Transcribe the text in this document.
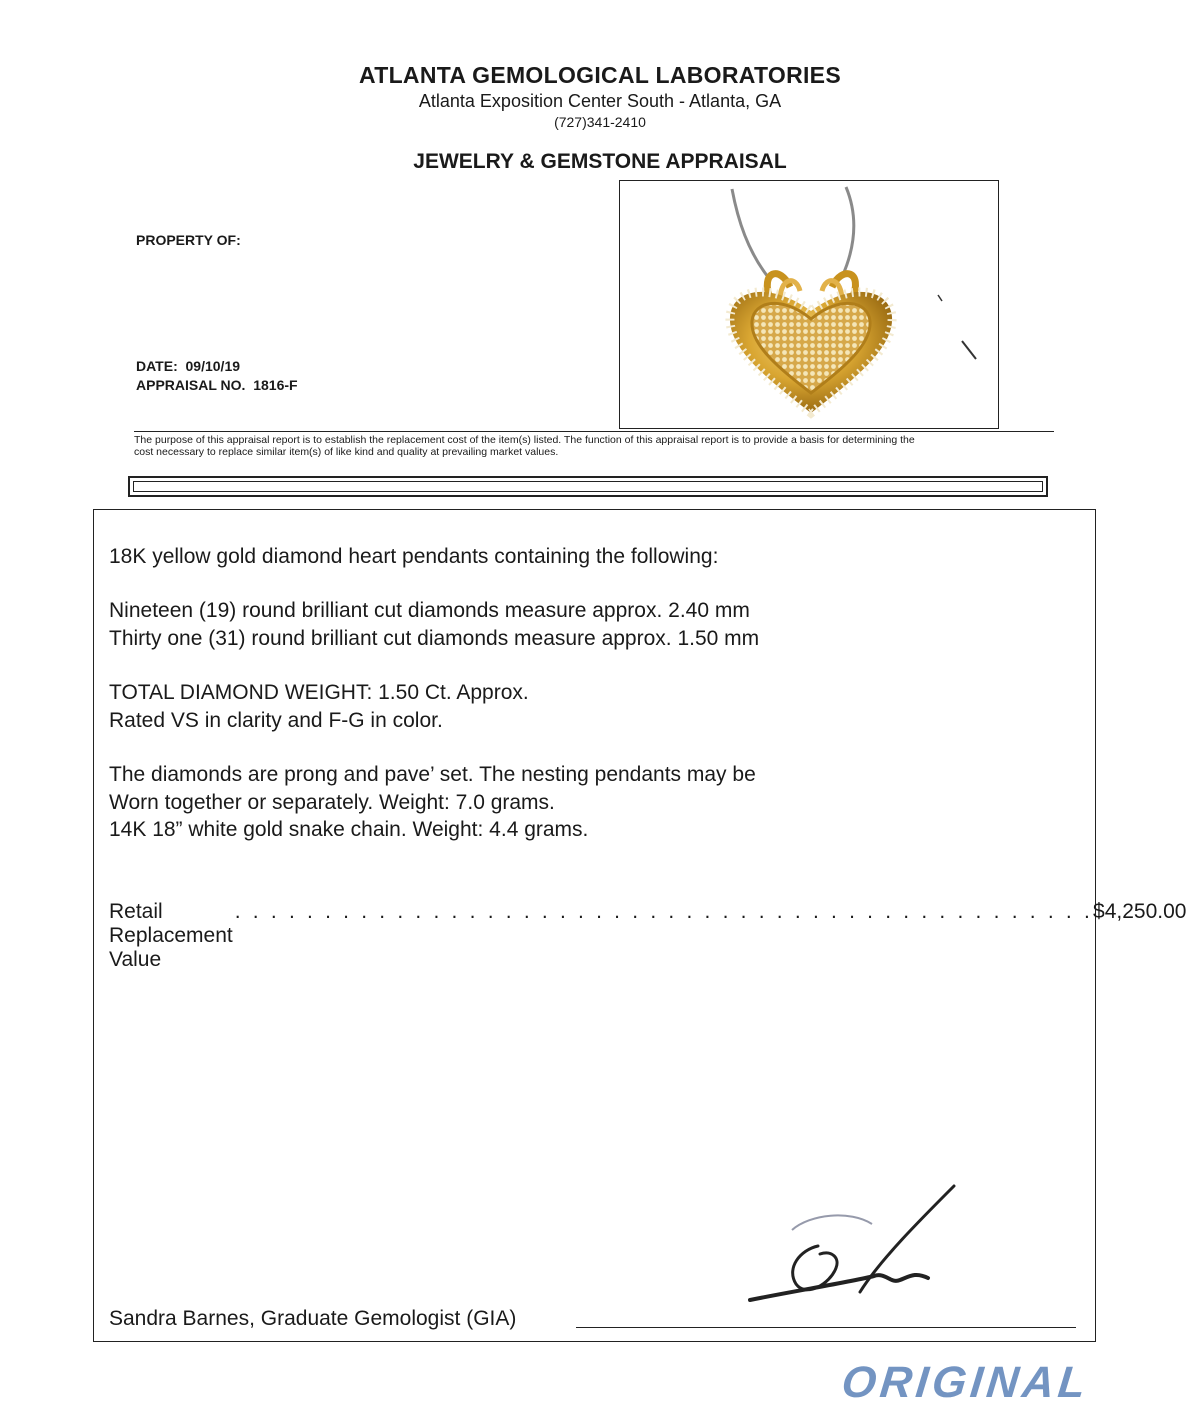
ATLANTA GEMOLOGICAL LABORATORIES
Atlanta Exposition Center South - Atlanta, GA
(727)341-2410
JEWELRY & GEMSTONE APPRAISAL
PROPERTY OF:
DATE: 09/10/19
APPRAISAL NO. 1816-F
The purpose of this appraisal report is to establish the replacement cost of the item(s) listed. The function of this appraisal report is to provide a basis for determining the
cost necessary to replace similar item(s) of like kind and quality at prevailing market values.
18K yellow gold diamond heart pendants containing the following:
Nineteen (19) round brilliant cut diamonds measure approx. 2.40 mm
Thirty one (31) round brilliant cut diamonds measure approx. 1.50 mm
TOTAL DIAMOND WEIGHT: 1.50 Ct. Approx.
Rated VS in clarity and F-G in color.
The diamonds are prong and pave’ set. The nesting pendants may be
Worn together or separately. Weight: 7.0 grams.
14K 18” white gold snake chain. Weight: 4.4 grams.
Retail Replacement Value
. . . . . . . . . . . . . . . . . . . . . . . . . . . . . . . . . . . . . . . . . . . . . . . . $4,250.00
Sandra Barnes, Graduate Gemologist (GIA)
ORIGINAL
